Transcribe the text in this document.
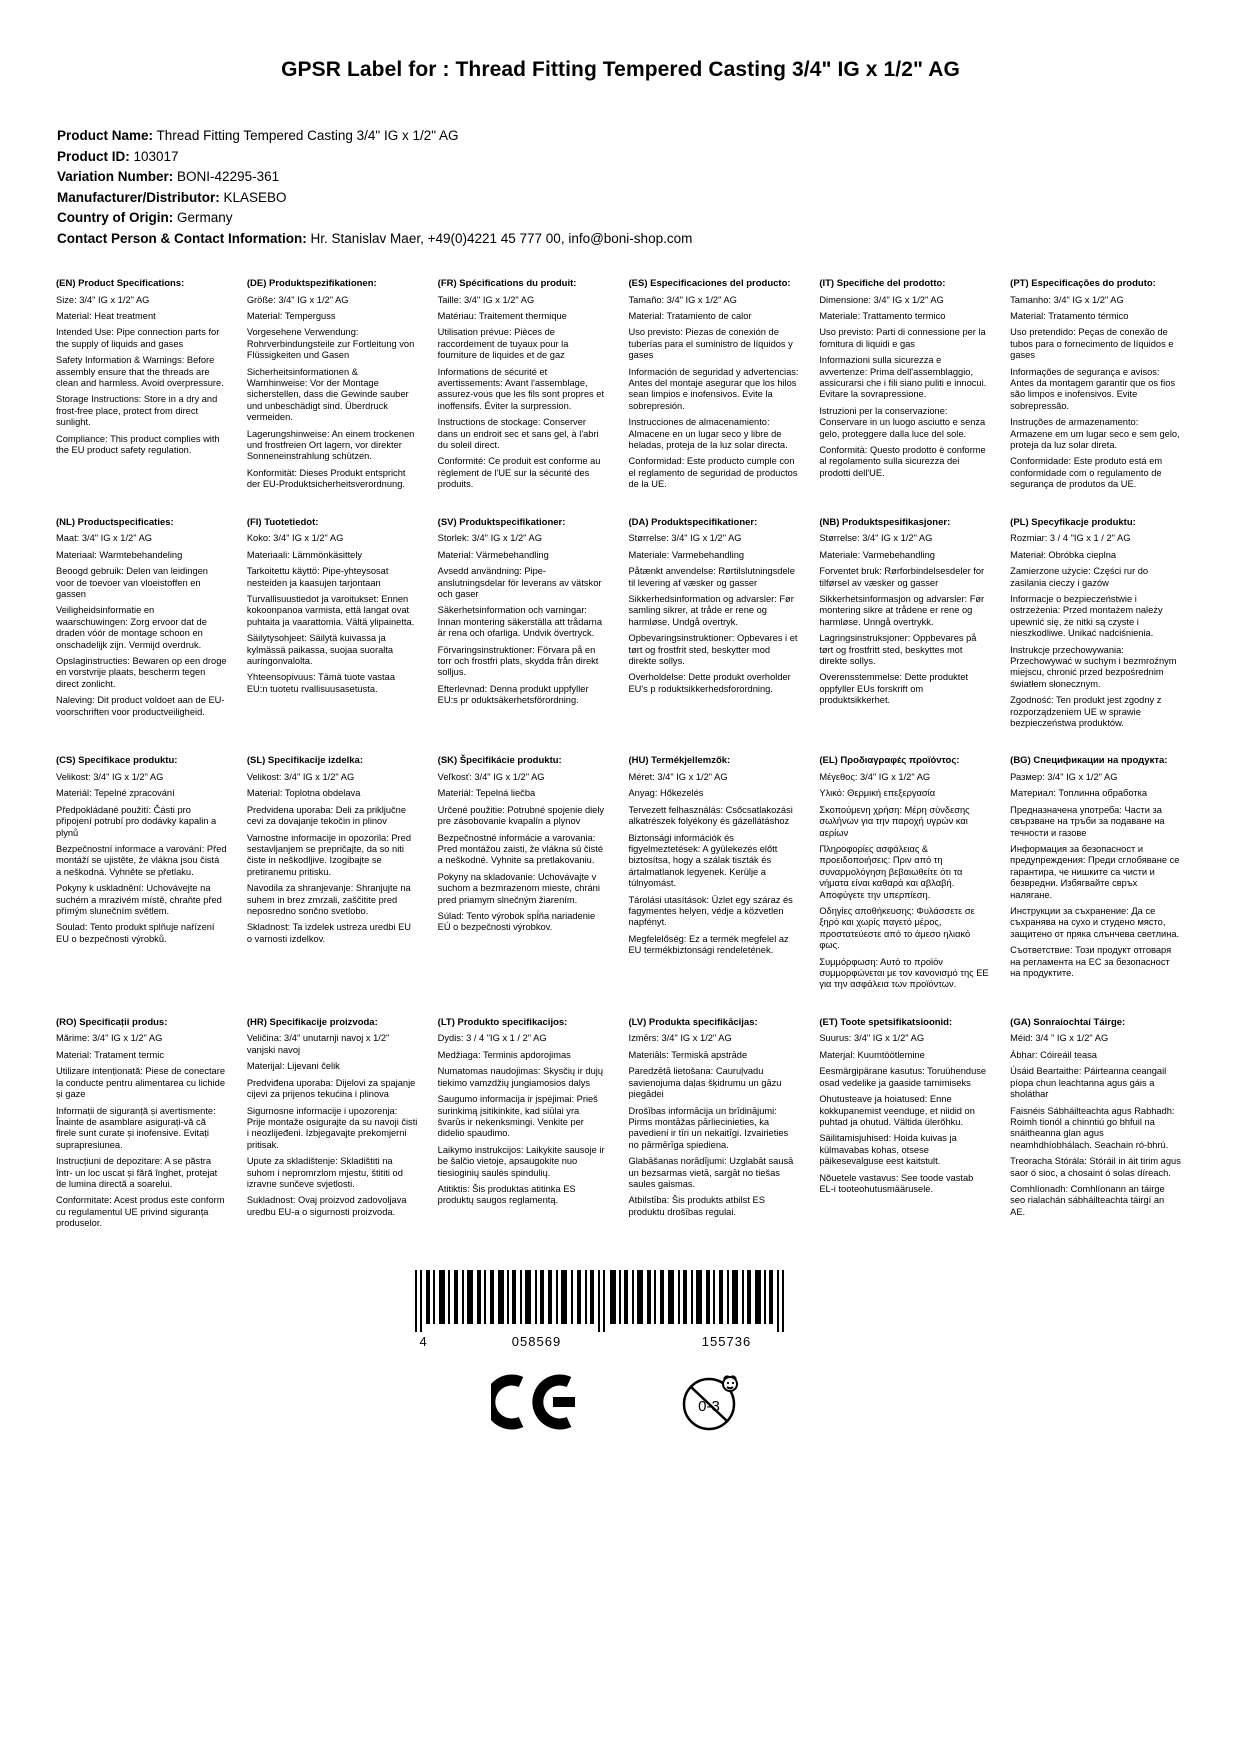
GPSR Label for : Thread Fitting Tempered Casting 3/4" IG x 1/2" AG
Product Name: Thread Fitting Tempered Casting 3/4" IG x 1/2" AG
Product ID: 103017
Variation Number: BONI-42295-361
Manufacturer/Distributor: KLASEBO
Country of Origin: Germany
Contact Person & Contact Information: Hr. Stanislav Maer, +49(0)4221 45 777 00, info@boni-shop.com
(EN) Product Specifications:

Size: 3/4" IG x 1/2" AG

Material: Heat treatment

Intended Use: Pipe connection parts for the supply of liquids and gases

Safety Information & Warnings: Before assembly ensure that the threads are clean and harmless. Avoid overpressure.

Storage Instructions: Store in a dry and frost-free place, protect from direct sunlight.

Compliance: This product complies with the EU product safety regulation.

(DE) Produktspezifikationen:

Größe: 3/4" IG x 1/2" AG

Material: Temperguss

Vorgesehene Verwendung: Rohrverbindungsteile zur Fortleitung von Flüssigkeiten und Gasen

Sicherheitsinformationen & Warnhinweise: Vor der Montage sicherstellen, dass die Gewinde sauber und unbeschädigt sind. Überdruck vermeiden.

Lagerungshinweise: An einem trockenen und frostfreien Ort lagern, vor direkter Sonneneinstrahlung schützen.

Konformität: Dieses Produkt entspricht der EU-Produktsicherheitsverordnung.

(FR) Spécifications du produit:

Taille: 3/4" IG x 1/2" AG

Matériau: Traitement thermique

Utilisation prévue: Pièces de raccordement de tuyaux pour la fourniture de liquides et de gaz

Informations de sécurité et avertissements: Avant l'assemblage, assurez-vous que les fils sont propres et inoffensifs. Éviter la surpression.

Instructions de stockage: Conserver dans un endroit sec et sans gel, à l'abri du soleil direct.

Conformité: Ce produit est conforme au règlement de l'UE sur la sécurité des produits.

(ES) Especificaciones del producto:

Tamaño: 3/4" IG x 1/2" AG

Material: Tratamiento de calor

Uso previsto: Piezas de conexión de tuberías para el suministro de líquidos y gases

Información de seguridad y advertencias: Antes del montaje asegurar que los hilos sean limpios e inofensivos. Evite la sobrepresión.

Instrucciones de almacenamiento: Almacene en un lugar seco y libre de heladas, proteja de la luz solar directa.

Conformidad: Este producto cumple con el reglamento de seguridad de productos de la UE.

(IT) Specifiche del prodotto:

Dimensione: 3/4" IG x 1/2" AG

Materiale: Trattamento termico

Uso previsto: Parti di connessione per la fornitura di liquidi e gas

Informazioni sulla sicurezza e avvertenze: Prima dell'assemblaggio, assicurarsi che i fili siano puliti e innocui. Evitare la sovrapressione.

Istruzioni per la conservazione: Conservare in un luogo asciutto e senza gelo, proteggere dalla luce del sole.

Conformità: Questo prodotto è conforme al regolamento sulla sicurezza dei prodotti dell'UE.

(PT) Especificações do produto:

Tamanho: 3/4" IG x 1/2" AG

Material: Tratamento térmico

Uso pretendido: Peças de conexão de tubos para o fornecimento de líquidos e gases

Informações de segurança e avisos: Antes da montagem garantir que os fios são limpos e inofensivos. Evite sobrepressão.

Instruções de armazenamento: Armazene em um lugar seco e sem gelo, proteja da luz solar direta.

Conformidade: Este produto está em conformidade com o regulamento de segurança de produtos da UE.

(NL) Productspecificaties:

Maat: 3/4" IG x 1/2" AG

Materiaal: Warmtebehandeling

Beoogd gebruik: Delen van leidingen voor de toevoer van vloeistoffen en gassen

Veiligheidsinformatie en waarschuwingen: Zorg ervoor dat de draden vóór de montage schoon en onschadelijk zijn. Vermijd overdruk.

Opslaginstructies: Bewaren op een droge en vorstvrije plaats, bescherm tegen direct zonlicht.

Naleving: Dit product voldoet aan de EU-voorschriften voor productveiligheid.

(FI) Tuotetiedot:

Koko: 3/4" IG x 1/2" AG

Materiaali: Lämmönkäsittely

Tarkoitettu käyttö: Pipe-yhteysosat nesteiden ja kaasujen tarjontaan

Turvallisuustiedot ja varoitukset: Ennen kokoonpanoa varmista, että langat ovat puhtaita ja vaarattomia. Vältä ylipainetta.

Säilytysohjeet: Säilytä kuivassa ja kylmässä paikassa, suojaa suoralta auringonvalolta.

Yhteensopivuus: Tämä tuote vastaa EU:n tuotetu rvallisuusasetusta.

(SV) Produktspecifikationer:

Storlek: 3/4" IG x 1/2" AG

Material: Värmebehandling

Avsedd användning: Pipe-anslutningsdelar för leverans av vätskor och gaser

Säkerhetsinformation och varningar: Innan montering säkerställa att trådarna är rena och ofarliga. Undvik övertryck.

Förvaringsinstruktioner: Förvara på en torr och frostfri plats, skydda från direkt solljus.

Efterlevnad: Denna produkt uppfyller EU:s pr oduktsäkerhetsförordning.

(DA) Produktspecifikationer:

Størrelse: 3/4" IG x 1/2" AG

Materiale: Varmebehandling

Påtænkt anvendelse: Rørtilslutningsdele til levering af væsker og gasser

Sikkerhedsinformation og advarsler: Før samling sikrer, at tråde er rene og harmløse. Undgå overtryk.

Opbevaringsinstruktioner: Opbevares i et tørt og frostfrit sted, beskytter mod direkte sollys.

Overholdelse: Dette produkt overholder EU's p roduktsikkerhedsforordning.

(NB) Produktspesifikasjoner:

Størrelse: 3/4" IG x 1/2" AG

Materiale: Varmebehandling

Forventet bruk: Rørforbindelsesdeler for tilførsel av væsker og gasser

Sikkerhetsinformasjon og advarsler: Før montering sikre at trådene er rene og harmløse. Unngå overtrykk.

Lagringsinstruksjoner: Oppbevares på tørt og frostfritt sted, beskyttes mot direkte sollys.

Overensstemmelse: Dette produktet oppfyller EUs forskrift om produktsikkerhet.

(PL) Specyfikacje produktu:

Rozmiar: 3 / 4 "IG x 1 / 2" AG

Materiał: Obróbka cieplna

Zamierzone użycie: Części rur do zasilania cieczy i gazów

Informacje o bezpieczeństwie i ostrzeżenia: Przed montażem należy upewnić się, że nitki są czyste i nieszkodliwe. Unikać nadciśnienia.

Instrukcje przechowywania: Przechowywać w suchym i bezmroźnym miejscu, chronić przed bezpośrednim światłem słonecznym.

Zgodność: Ten produkt jest zgodny z rozporządzeniem UE w sprawie bezpieczeństwa produktów.

(CS) Specifikace produktu:

Velikost: 3/4" IG x 1/2" AG

Materiál: Tepelné zpracování

Předpokládané použití: Části pro připojení potrubí pro dodávky kapalin a plynů

Bezpečnostní informace a varování: Před montáží se ujistěte, že vlákna jsou čistá a neškodná. Vyhněte se přetlaku.

Pokyny k uskladnění: Uchovávejte na suchém a mrazivém místě, chraňte před přímým slunečním světlem.

Soulad: Tento produkt splňuje nařízení EU o bezpečnosti výrobků.

(SL) Specifikacije izdelka:

Velikost: 3/4" IG x 1/2" AG

Material: Toplotna obdelava

Predvidena uporaba: Deli za priključne cevi za dovajanje tekočin in plinov

Varnostne informacije in opozorila: Pred sestavljanjem se prepričajte, da so niti čiste in neškodljive. Izogibajte se pretiranemu pritisku.

Navodila za shranjevanje: Shranjujte na suhem in brez zmrzali, zaščitite pred neposredno sončno svetlobo.

Skladnost: Ta izdelek ustreza uredbi EU o varnosti izdelkov.

(SK) Špecifikácie produktu:

Veľkosť: 3/4" IG x 1/2" AG

Materiál: Tepelná liečba

Určené použitie: Potrubné spojenie diely pre zásobovanie kvapalín a plynov

Bezpečnostné informácie a varovania: Pred montážou zaisti, že vlákna sú čisté a neškodné. Vyhnite sa pretlakovaniu.

Pokyny na skladovanie: Uchovávajte v suchom a bezmrazenom mieste, chráni pred priamym slnečným žiarením.

Súlad: Tento výrobok spĺňa nariadenie EÚ o bezpečnosti výrobkov.

(HU) Termékjellemzők:

Méret: 3/4" IG x 1/2" AG

Anyag: Hőkezelés

Tervezett felhasználás: Csőcsatlakozási alkatrészek folyékony és gázellátáshoz

Biztonsági információk és figyelmeztetések: A gyülekezés előtt biztosítsa, hogy a szálak tiszták és ártalmatlanok legyenek. Kerülje a túlnyomást.

Tárolási utasítások: Üzlet egy száraz és fagymentes helyen, védje a közvetlen napfényt.

Megfelelőség: Ez a termék megfelel az EU termékbiztonsági rendeletének.

(EL) Προδιαγραφές προϊόντος:

Μέγεθος: 3/4" IG x 1/2" AG

Υλικό: Θερμική επεξεργασία

Σκοπούμενη χρήση: Μέρη σύνδεσης σωλήνων για την παροχή υγρών και αερίων

Πληροφορίες ασφάλειας & προειδοποιήσεις: Πριν από τη συναρμολόγηση βεβαιωθείτε ότι τα νήματα είναι καθαρά και αβλαβή. Αποφύγετε την υπερπίεση.

Οδηγίες αποθήκευσης: Φυλάσσετε σε ξηρό και χωρίς παγετό μέρος, προστατεύεστε από το άμεσο ηλιακό φως.

Συμμόρφωση: Αυτό το προϊόν συμμορφώνεται με τον κανονισμό της ΕΕ για την ασφάλεια των προϊόντων.

(BG) Спецификации на продукта:

Размер: 3/4" IG x 1/2" AG

Материал: Топлинна обработка

Предназначена употреба: Части за свързване на тръби за подаване на течности и газове

Информация за безопасност и предупреждения: Преди сглобяване се гарантира, че нишките са чисти и безвредни. Избягвайте свръх налягане.

Инструкции за съхранение: Да се ​​съхранява на сухо и студено място, защитено от пряка слънчева светлина.

Съответствие: Този продукт отговаря на регламента на ЕС за безопасност на продуктите.

(RO) Specificații produs:

Mărime: 3/4" IG x 1/2" AG

Material: Tratament termic

Utilizare intenționată: Piese de conectare la conducte pentru alimentarea cu lichide și gaze

Informații de siguranță și avertismente: Înainte de asamblare asigurați-vă că firele sunt curate și inofensive. Evitați suprapresiunea.

Instrucțiuni de depozitare: A se păstra într- un loc uscat și fără înghet, protejat de lumina directă a soarelui.

Conformitate: Acest produs este conform cu regulamentul UE privind siguranța produselor.

(HR) Specifikacije proizvoda:

Veličina: 3/4" unutarnji navoj x 1/2" vanjski navoj

Materijal: Lijevani čelik

Predviđena uporaba: Dijelovi za spajanje cijevi za prijenos tekućina i plinova

Sigurnosne informacije i upozorenja: Prije montaže osigurajte da su navoji čisti i neozlijeđeni. Izbjegavajte prekomjerni pritisak.

Upute za skladištenje: Skladištiti na suhom i nepromrzlom mjestu, štititi od izravne sunčeve svjetlosti.

Sukladnost: Ovaj proizvod zadovoljava uredbu EU-a o sigurnosti proizvoda.

(LT) Produkto specifikacijos:

Dydis: 3 / 4 "IG x 1 / 2" AG

Medžiaga: Terminis apdorojimas

Numatomas naudojimas: Skysčių ir dujų tiekimo vamzdžių jungiamosios dalys

Saugumo informacija ir įspėjimai: Prieš surinkimą įsitikinkite, kad siūlai yra švarūs ir nekenksmingi. Venkite per didelio spaudimo.

Laikymo instrukcijos: Laikykite sausoje ir be šalčio vietoje, apsaugokite nuo tiesioginių saulės spindulių.

Atitiktis: Šis produktas atitinka ES produktų saugos reglamentą.

(LV) Produkta specifikācijas:

Izmērs: 3/4" IG x 1/2" AG

Materiāls: Termiskā apstrāde

Paredzētā lietošana: Cauruļvadu savienojuma daļas šķidrumu un gāzu piegādei

Drošības informācija un brīdinājumi: Pirms montāžas pārliecinieties, ka pavedieni ir tīri un nekaitīgi. Izvairieties no pārmērīga spiediena.

Glabāšanas norādījumi: Uzglabāt sausā un bezsarmas vietā, sargāt no tiešas saules gaismas.

Atbilstība: Šis produkts atbilst ES produktu drošības regulai.

(ET) Toote spetsifikatsioonid:

Suurus: 3/4" IG x 1/2" AG

Materjal: Kuumtöötlemine

Eesmärgipärane kasutus: Toruühenduse osad vedelike ja gaaside tarnimiseks

Ohutusteave ja hoiatused: Enne kokkupanemist veenduge, et niidid on puhtad ja ohutud. Vältida ülerõhku.

Säilitamisjuhised: Hoida kuivas ja külmavabas kohas, otsese päikesevalguse eest kaitstult.

Nõuetele vastavus: See toode vastab EL-i tooteohutusmäärusele.

(GA) Sonraíochtaí Táirge:

Méid: 3/4 " IG x 1/2" AG

Ábhar: Cóireáil teasa

Úsáid Beartaithe: Páirteanna ceangail píopa chun leachtanna agus gáis a sholáthar

Faisnéis Sábháilteachta agus Rabhadh: Roimh tionól a chinntiú go bhfuil na snáitheanna glan agus neamhdhíobhálach. Seachain ró-bhrú.

Treoracha Stórála: Stóráil in áit tirim agus saor ó sioc, a chosaint ó solas díreach.

Comhlíonadh: Comhlíonann an táirge seo rialachán sábháilteachta táirgí an AE.

4	058569	155736
0-3
